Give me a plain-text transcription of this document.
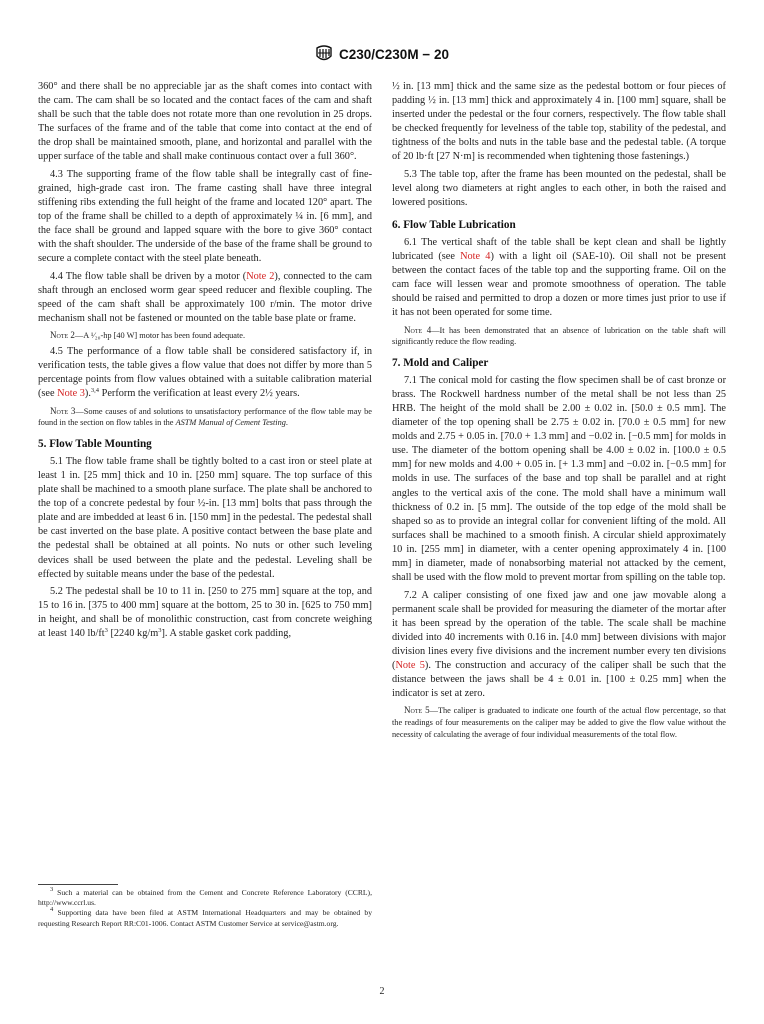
C230/C230M − 20

360° and there shall be no appreciable jar as the shaft comes into contact with the cam. The cam shall be so located and the contact faces of the cam and shaft shall be such that the table does not rotate more than one revolution in 25 drops. The surfaces of the frame and of the table that come into contact at the end of the drop shall be maintained smooth, plane, and horizontal and parallel with the upper surface of the table and shall make continuous contact over a full 360°.

4.3 The supporting frame of the flow table shall be integrally cast of fine-grained, high-grade cast iron. The frame casting shall have three integral stiffening ribs extending the full height of the frame and located 120° apart. The top of the frame shall be chilled to a depth of approximately ¼ in. [6 mm], and the face shall be ground and lapped square with the bore to give 360° contact with the shaft shoulder. The underside of the base of the frame shall be ground to secure a complete contact with the steel plate beneath.

4.4 The flow table shall be driven by a motor (Note 2), connected to the cam shaft through an enclosed worm gear speed reducer and flexible coupling. The speed of the cam shaft shall be approximately 100 r/min. The motor drive mechanism shall not be fastened or mounted on the table base plate or frame.

Note 2—A ¹⁄₂₀-hp [40 W] motor has been found adequate.

4.5 The performance of a flow table shall be considered satisfactory if, in verification tests, the table gives a flow value that does not differ by more than 5 percentage points from flow values obtained with a suitable calibration material (see Note 3).$^{3,4}$ Perform the verification at least every 2½ years.

Note 3—Some causes of and solutions to unsatisfactory performance of the flow table may be found in the section on flow tables in the ASTM Manual of Cement Testing.

5. Flow Table Mounting

5.1 The flow table frame shall be tightly bolted to a cast iron or steel plate at least 1 in. [25 mm] thick and 10 in. [250 mm] square. The top surface of this plate shall be machined to a smooth plane surface. The plate shall be anchored to the top of a concrete pedestal by four ½-in. [13 mm] bolts that pass through the plate and are imbedded at least 6 in. [150 mm] in the pedestal. The pedestal shall be cast inverted on the base plate. A positive contact between the base plate and the pedestal shall be obtained at all points. No nuts or other such leveling devices shall be used between the plate and the pedestal. Leveling shall be effected by suitable means under the base of the pedestal.

5.2 The pedestal shall be 10 to 11 in. [250 to 275 mm] square at the top, and 15 to 16 in. [375 to 400 mm] square at the bottom, 25 to 30 in. [625 to 750 mm] in height, and shall be of monolithic construction, cast from concrete weighing at least 140 $lb/ft^3$ [2240 $kg/m^3$]. A stable gasket cork padding,

$^3$ Such a material can be obtained from the Cement and Concrete Reference Laboratory (CCRL), http://www.ccrl.us.

$^4$ Supporting data have been filed at ASTM International Headquarters and may be obtained by requesting Research Report RR:C01-1006. Contact ASTM Customer Service at service@astm.org.

½ in. [13 mm] thick and the same size as the pedestal bottom or four pieces of padding ½ in. [13 mm] thick and approximately 4 in. [100 mm] square, shall be inserted under the pedestal or the four corners, respectively. The flow table shall be checked frequently for levelness of the table top, stability of the pedestal, and tightness of the bolts and nuts in the table base and the pedestal table. (A torque of 20 lb·ft [27 N·m] is recommended when tightening those fastenings.)

5.3 The table top, after the frame has been mounted on the pedestal, shall be level along two diameters at right angles to each other, in both the raised and lowered positions.

6. Flow Table Lubrication

6.1 The vertical shaft of the table shall be kept clean and shall be lightly lubricated (see Note 4) with a light oil (SAE-10). Oil shall not be present between the contact faces of the table top and the supporting frame. Oil on the cam face will lessen wear and promote smoothness of operation. The table should be raised and permitted to drop a dozen or more times just prior to use if it has not been operated for some time.

Note 4—It has been demonstrated that an absence of lubrication on the table shaft will significantly reduce the flow reading.

7. Mold and Caliper

7.1 The conical mold for casting the flow specimen shall be of cast bronze or brass. The Rockwell hardness number of the metal shall be not less than 25 HRB. The height of the mold shall be 2.00 ± 0.02 in. [50.0 ± 0.5 mm]. The diameter of the top opening shall be 2.75 ± 0.02 in. [70.0 ± 0.5 mm] for new molds and 2.75 + 0.05 in. [70.0 + 1.3 mm] and −0.02 in. [−0.5 mm] for molds in use. The diameter of the bottom opening shall be 4.00 ± 0.02 in. [100.0 ± 0.5 mm] for new molds and 4.00 + 0.05 in. [+ 1.3 mm] and −0.02 in. [−0.5 mm] for molds in use. The surfaces of the base and top shall be parallel and at right angles to the vertical axis of the cone. The mold shall have a minimum wall thickness of 0.2 in. [5 mm]. The outside of the top edge of the mold shall be shaped so as to provide an integral collar for convenient lifting of the mold. All surfaces shall be machined to a smooth finish. A circular shield approximately 10 in. [255 mm] in diameter, with a center opening approximately 4 in. [100 mm] in diameter, made of nonabsorbing material not attacked by the cement, shall be used with the flow mold to prevent mortar from spilling on the table top.

7.2 A caliper consisting of one fixed jaw and one jaw movable along a permanent scale shall be provided for measuring the diameter of the mortar after it has been spread by the operation of the table. The scale shall be machine divided into 40 increments with 0.16 in. [4.0 mm] between divisions with major division lines every five divisions and the increment number every ten divisions (Note 5). The construction and accuracy of the caliper shall be such that the distance between the jaws shall be 4 ± 0.01 in. [100 ± 0.25 mm] when the indicator is set at zero.

Note 5—The caliper is graduated to indicate one fourth of the actual flow percentage, so that the readings of four measurements on the caliper may be added to give the flow value without the necessity of calculating the average of four individual measurements of the total flow.

2
